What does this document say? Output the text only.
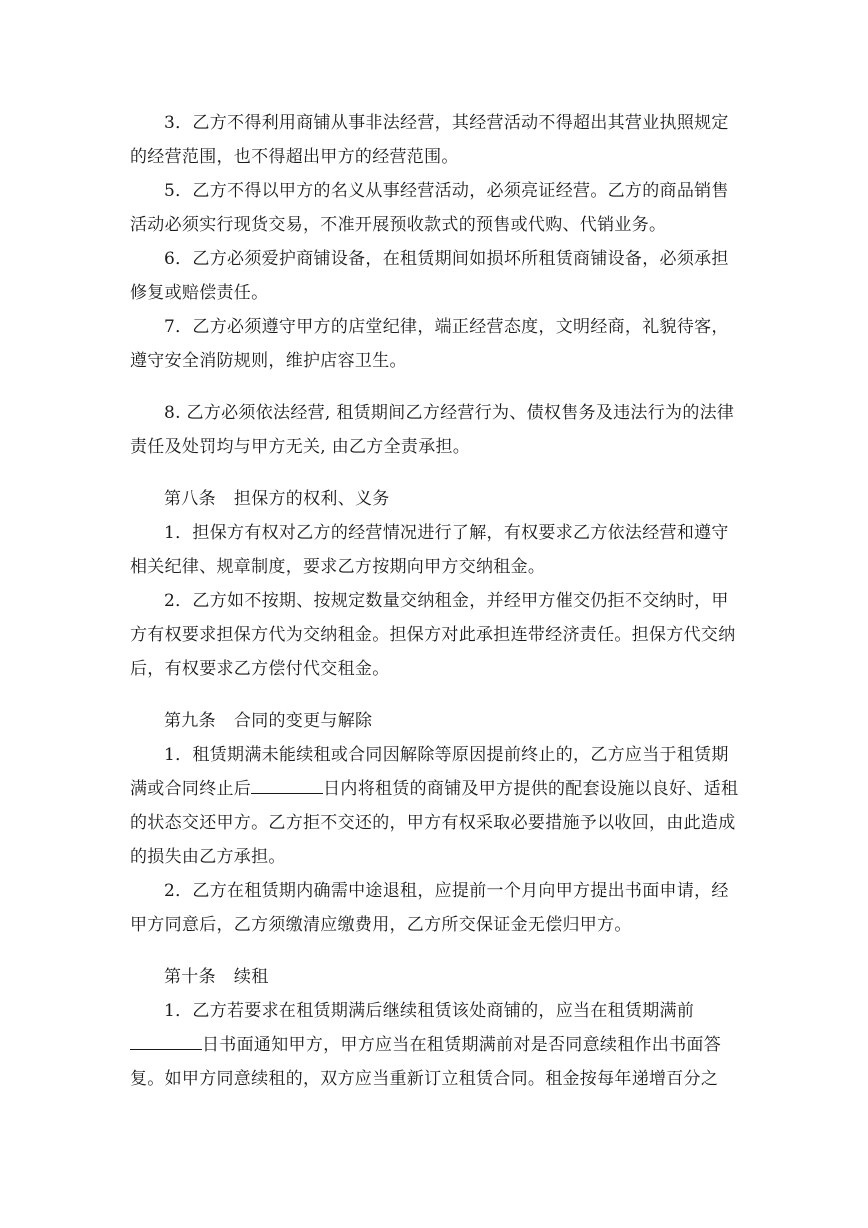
3．乙方不得利用商铺从事非法经营，其经营活动不得超出其营业执照规定的经营范围，也不得超出甲方的经营范围。

5．乙方不得以甲方的名义从事经营活动，必须亮证经营。乙方的商品销售活动必须实行现货交易，不准开展预收款式的预售或代购、代销业务。

6．乙方必须爱护商铺设备，在租赁期间如损坏所租赁商铺设备，必须承担修复或赔偿责任。

7．乙方必须遵守甲方的店堂纪律，端正经营态度，文明经商，礼貌待客，遵守安全消防规则，维护店容卫生。

8. 乙方必须依法经营, 租赁期间乙方经营行为、债权售务及违法行为的法律责任及处罚均与甲方无关, 由乙方全责承担。

第八条 担保方的权利、义务

1．担保方有权对乙方的经营情况进行了解，有权要求乙方依法经营和遵守相关纪律、规章制度，要求乙方按期向甲方交纳租金。

2．乙方如不按期、按规定数量交纳租金，并经甲方催交仍拒不交纳时，甲方有权要求担保方代为交纳租金。担保方对此承担连带经济责任。担保方代交纳后，有权要求乙方偿付代交租金。

第九条 合同的变更与解除

1．租赁期满未能续租或合同因解除等原因提前终止的，乙方应当于租赁期满或合同终止后	日内将租赁的商铺及甲方提供的配套设施以良好、适租的状态交还甲方。乙方拒不交还的，甲方有权采取必要措施予以收回，由此造成的损失由乙方承担。

2．乙方在租赁期内确需中途退租，应提前一个月向甲方提出书面申请，经甲方同意后，乙方须缴清应缴费用，乙方所交保证金无偿归甲方。

第十条 续租

1．乙方若要求在租赁期满后继续租赁该处商铺的，应当在租赁期满前日书面通知甲方，甲方应当在租赁期满前对是否同意续租作出书面答复。如甲方同意续租的，双方应当重新订立租赁合同。租金按每年递增百分之
